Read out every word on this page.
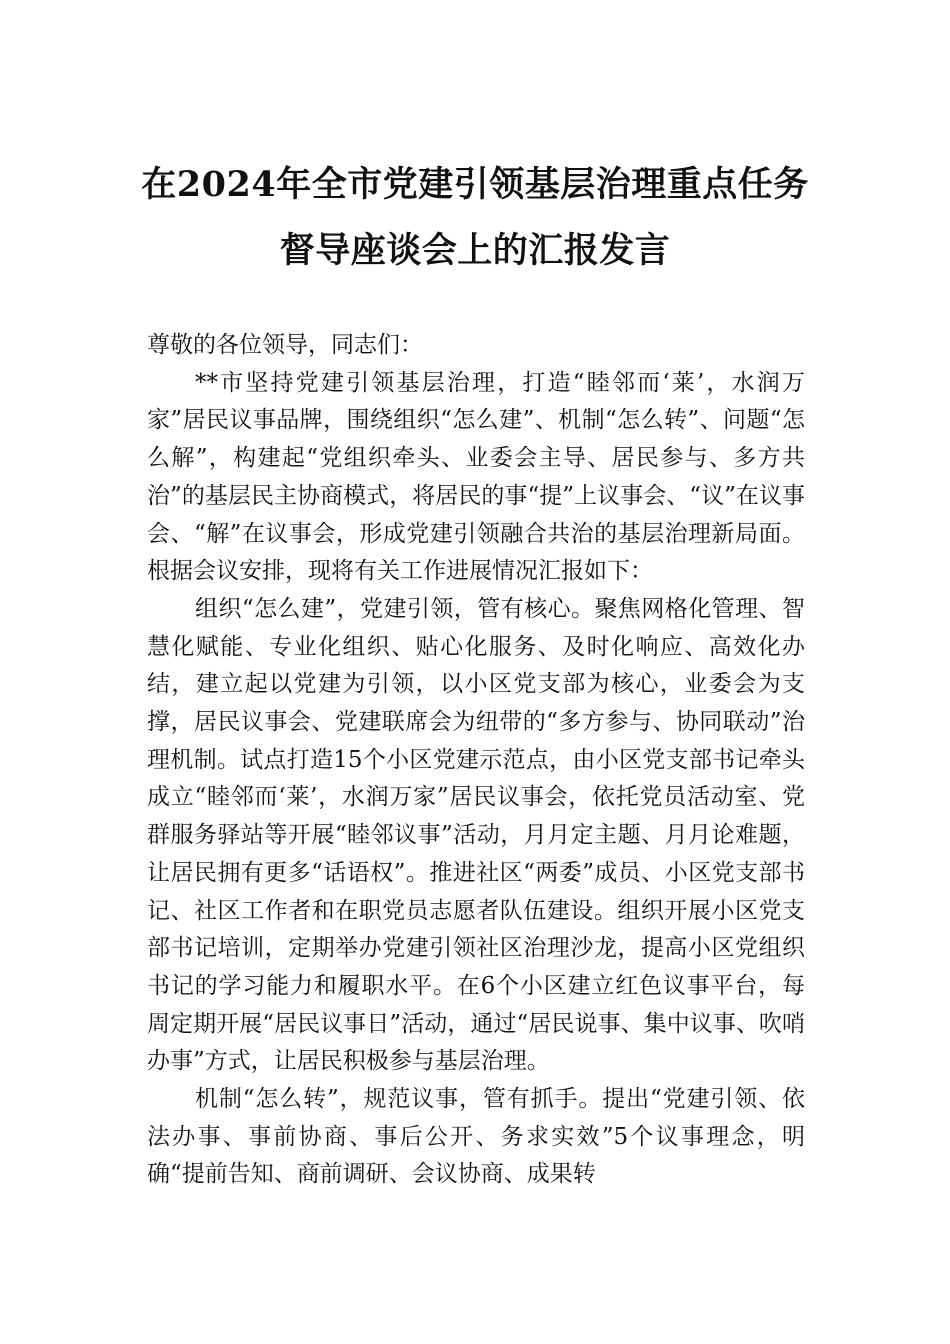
在2024年全市党建引领基层治理重点任务
督导座谈会上的汇报发言

尊敬的各位领导，同志们：

**市坚持党建引领基层治理，打造“睦邻而‘莱’，水润万家”居民议事品牌，围绕组织“怎么建”、机制“怎么转”、问题“怎么解”，构建起“党组织牵头、业委会主导、居民参与、多方共治”的基层民主协商模式，将居民的事“提”上议事会、“议”在议事会、“解”在议事会，形成党建引领融合共治的基层治理新局面。根据会议安排，现将有关工作进展情况汇报如下：

组织“怎么建”，党建引领，管有核心。聚焦网格化管理、智慧化赋能、专业化组织、贴心化服务、及时化响应、高效化办结，建立起以党建为引领，以小区党支部为核心，业委会为支撑，居民议事会、党建联席会为纽带的“多方参与、协同联动”治理机制。试点打造15个小区党建示范点，由小区党支部书记牵头成立“睦邻而‘莱’，水润万家”居民议事会，依托党员活动室、党群服务驿站等开展“睦邻议事”活动，月月定主题、月月论难题，让居民拥有更多“话语权”。推进社区“两委”成员、小区党支部书记、社区工作者和在职党员志愿者队伍建设。组织开展小区党支部书记培训，定期举办党建引领社区治理沙龙，提高小区党组织书记的学习能力和履职水平。在6个小区建立红色议事平台，每周定期开展“居民议事日”活动，通过“居民说事、集中议事、吹哨办事”方式，让居民积极参与基层治理。

机制“怎么转”，规范议事，管有抓手。提出“党建引领、依法办事、事前协商、事后公开、务求实效”5个议事理念，明确“提前告知、商前调研、会议协商、成果转
